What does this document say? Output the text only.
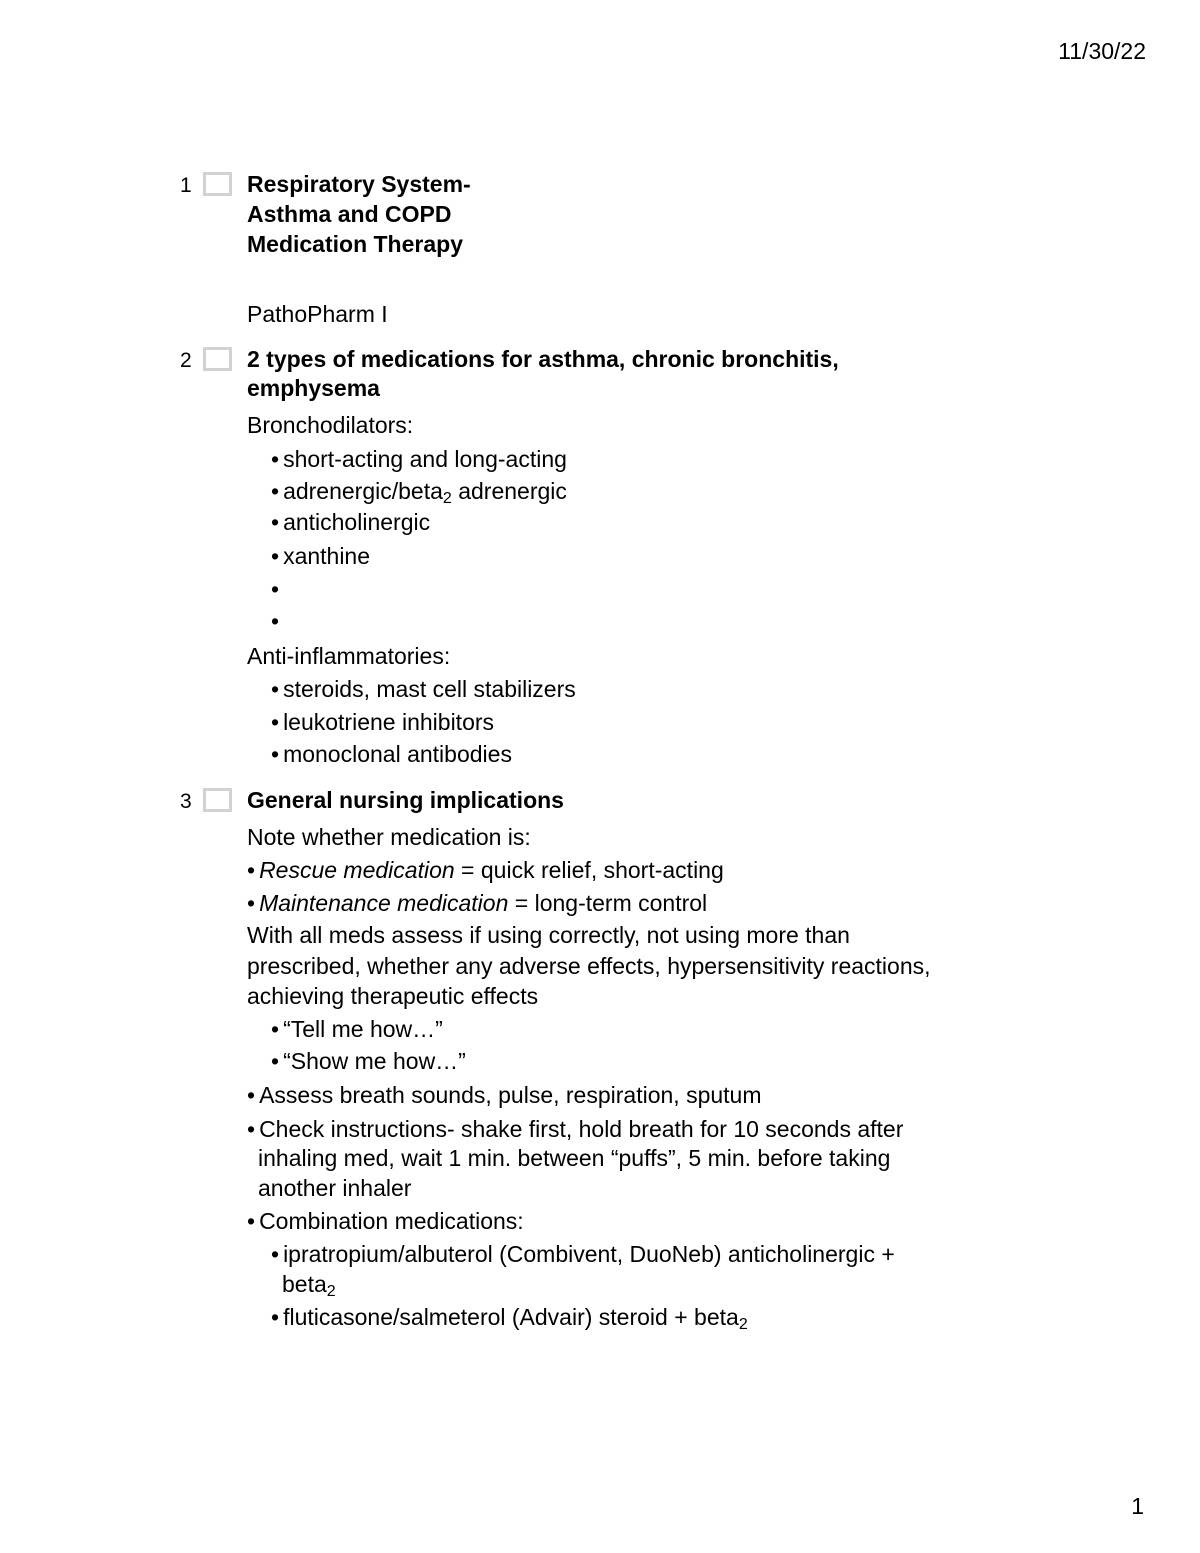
11/30/22
1 Respiratory System-
Asthma and COPD
Medication Therapy
PathoPharm I
2 2 types of medications for asthma, chronic bronchitis,
emphysema
Bronchodilators:
• short-acting and long-acting
• adrenergic/beta$_2$ adrenergic
• anticholinergic
• xanthine
•
•
Anti-inflammatories:
• steroids, mast cell stabilizers
• leukotriene inhibitors
• monoclonal antibodies
3 General nursing implications
Note whether medication is:
• Rescue medication = quick relief, short-acting
• Maintenance medication = long-term control
With all meds assess if using correctly, not using more than
prescribed, whether any adverse effects, hypersensitivity reactions,
achieving therapeutic effects
• “Tell me how…”
• “Show me how…”
• Assess breath sounds, pulse, respiration, sputum
• Check instructions- shake first, hold breath for 10 seconds after
inhaling med, wait 1 min. between “puffs”, 5 min. before taking
another inhaler
• Combination medications:
• ipratropium/albuterol (Combivent, DuoNeb) anticholinergic +
beta$_2$
• fluticasone/salmeterol (Advair) steroid + beta$_2$
1
